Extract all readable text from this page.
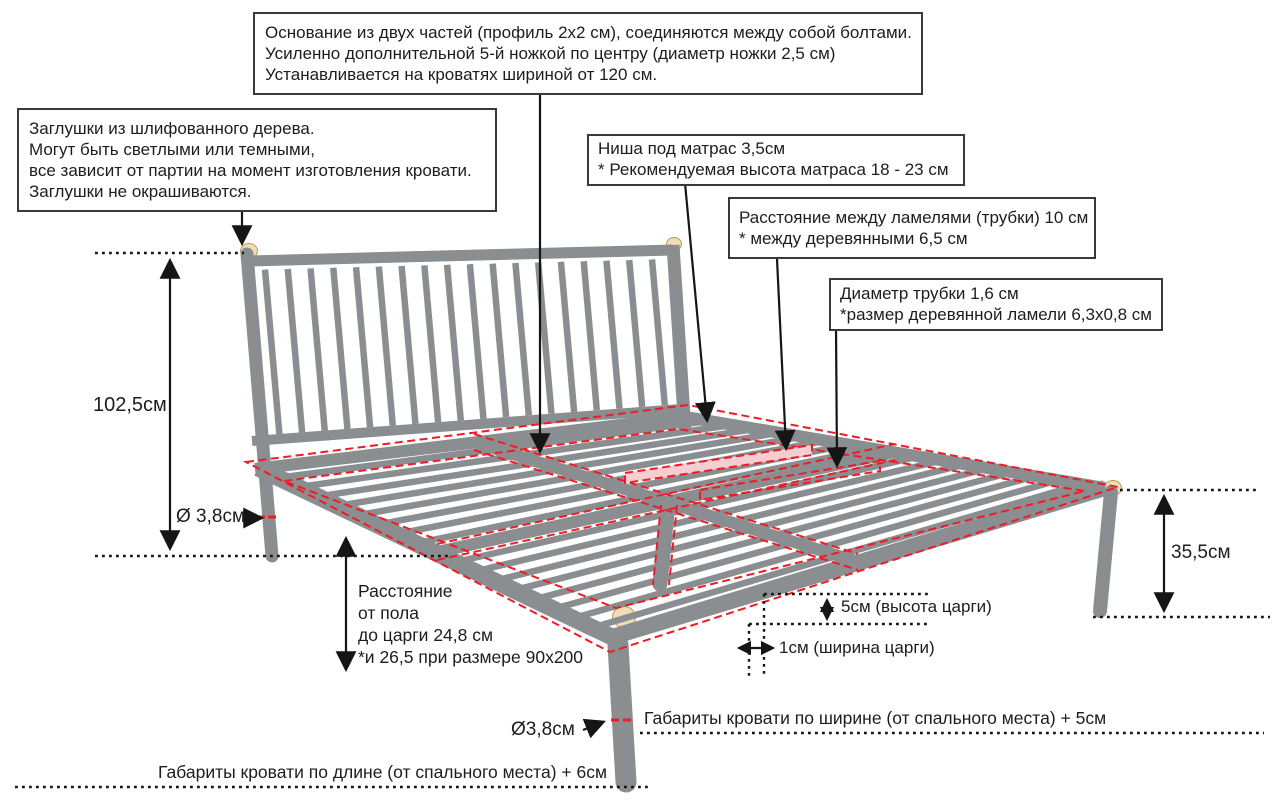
Основание из двух частей (профиль 2х2 см), соединяются между собой болтами.
Усиленно дополнительной 5-й ножкой по центру (диаметр ножки 2,5 см)
Устанавливается на кроватях шириной от 120 см.
Заглушки из шлифованного дерева.
Могут быть светлыми или темными,
все зависит от партии на момент изготовления кровати.
Заглушки не окрашиваются.
Ниша под матрас 3,5см
* Рекомендуемая высота матраса 18 - 23 см
Расстояние между ламелями (трубки) 10 см
* между деревянными 6,5 см
Диаметр трубки 1,6 см
*размер деревянной ламели 6,3х0,8 см
102,5см
Ø 3,8см
35,5см
5см (высота царги)
1см (ширина царги)
Ø3,8см
Расстояние
от пола
до царги 24,8 см
*и 26,5 при размере 90х200
Габариты кровати по ширине (от спального места) + 5см
Габариты кровати по длине (от спального места) + 6см
